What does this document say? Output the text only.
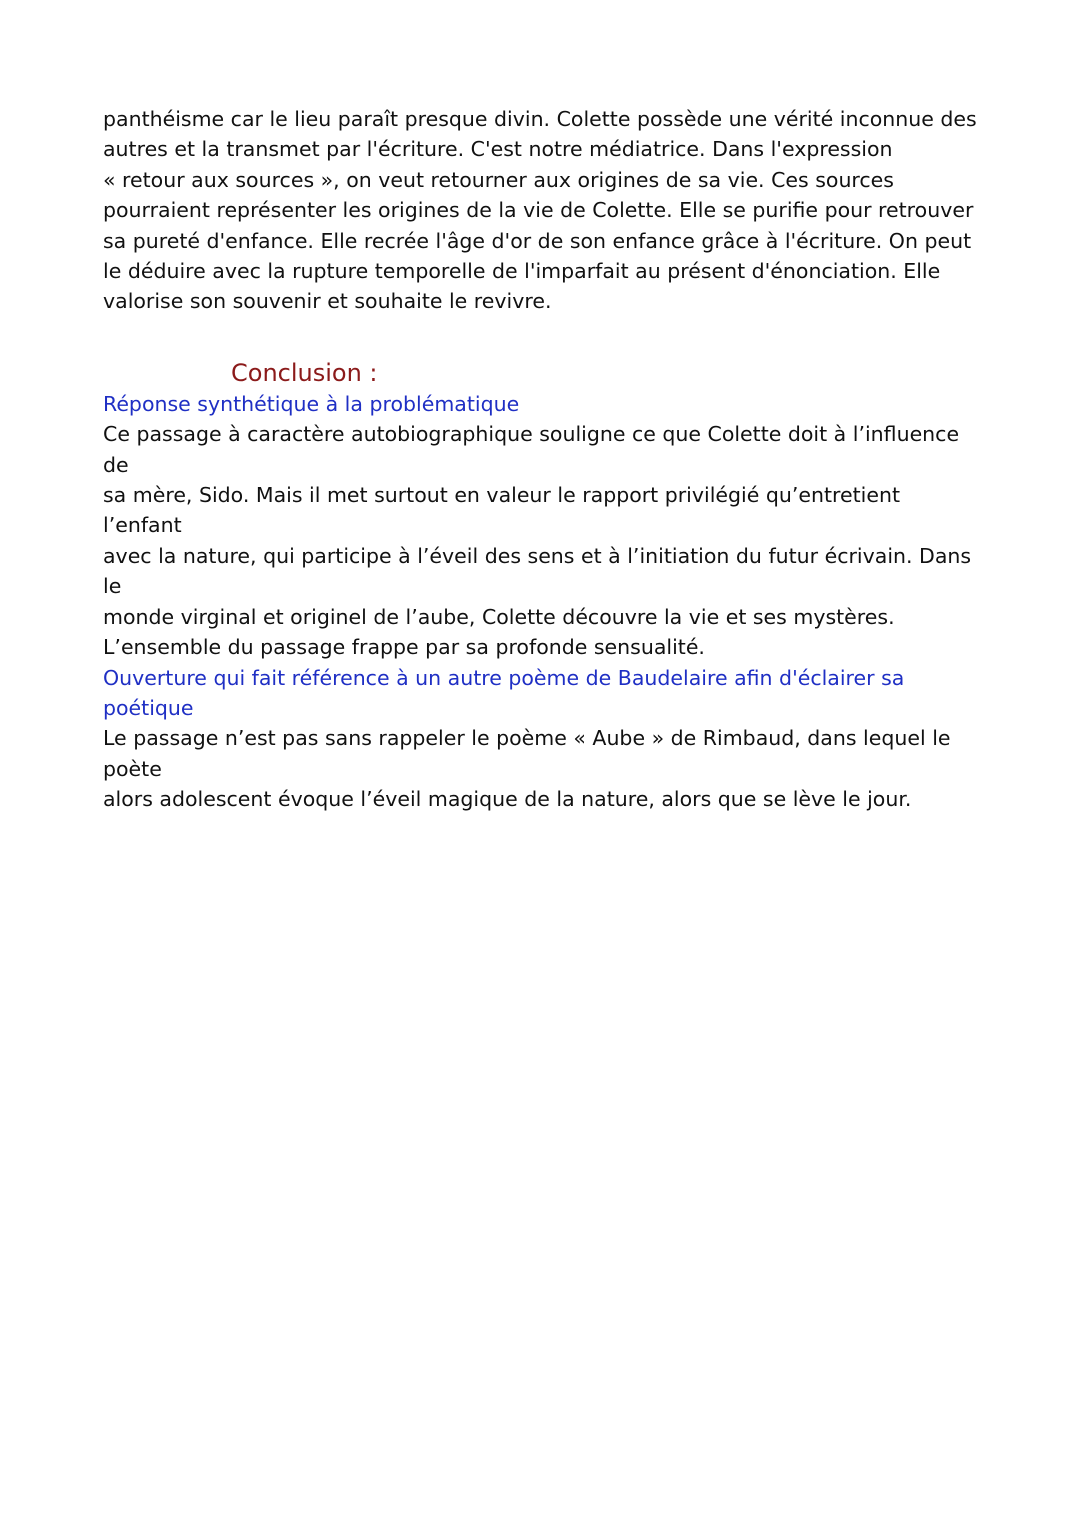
panthéisme car le lieu paraît presque divin. Colette possède une vérité inconnue des
autres et la transmet par l'écriture. C'est notre médiatrice. Dans l'expression
« retour aux sources », on veut retourner aux origines de sa vie. Ces sources
pourraient représenter les origines de la vie de Colette. Elle se purifie pour retrouver
sa pureté d'enfance. Elle recrée l'âge d'or de son enfance grâce à l'écriture. On peut
le déduire avec la rupture temporelle de l'imparfait au présent d'énonciation. Elle
valorise son souvenir et souhaite le revivre.

Conclusion :

Réponse synthétique à la problématique

Ce passage à caractère autobiographique souligne ce que Colette doit à l’influence de
sa mère, Sido. Mais il met surtout en valeur le rapport privilégié qu’entretient l’enfant
avec la nature, qui participe à l’éveil des sens et à l’initiation du futur écrivain. Dans le
monde virginal et originel de l’aube, Colette découvre la vie et ses mystères.
L’ensemble du passage frappe par sa profonde sensualité.

Ouverture qui fait référence à un autre poème de Baudelaire afin d'éclairer sa
poétique

Le passage n’est pas sans rappeler le poème « Aube » de Rimbaud, dans lequel le poète
alors adolescent évoque l’éveil magique de la nature, alors que se lève le jour.
